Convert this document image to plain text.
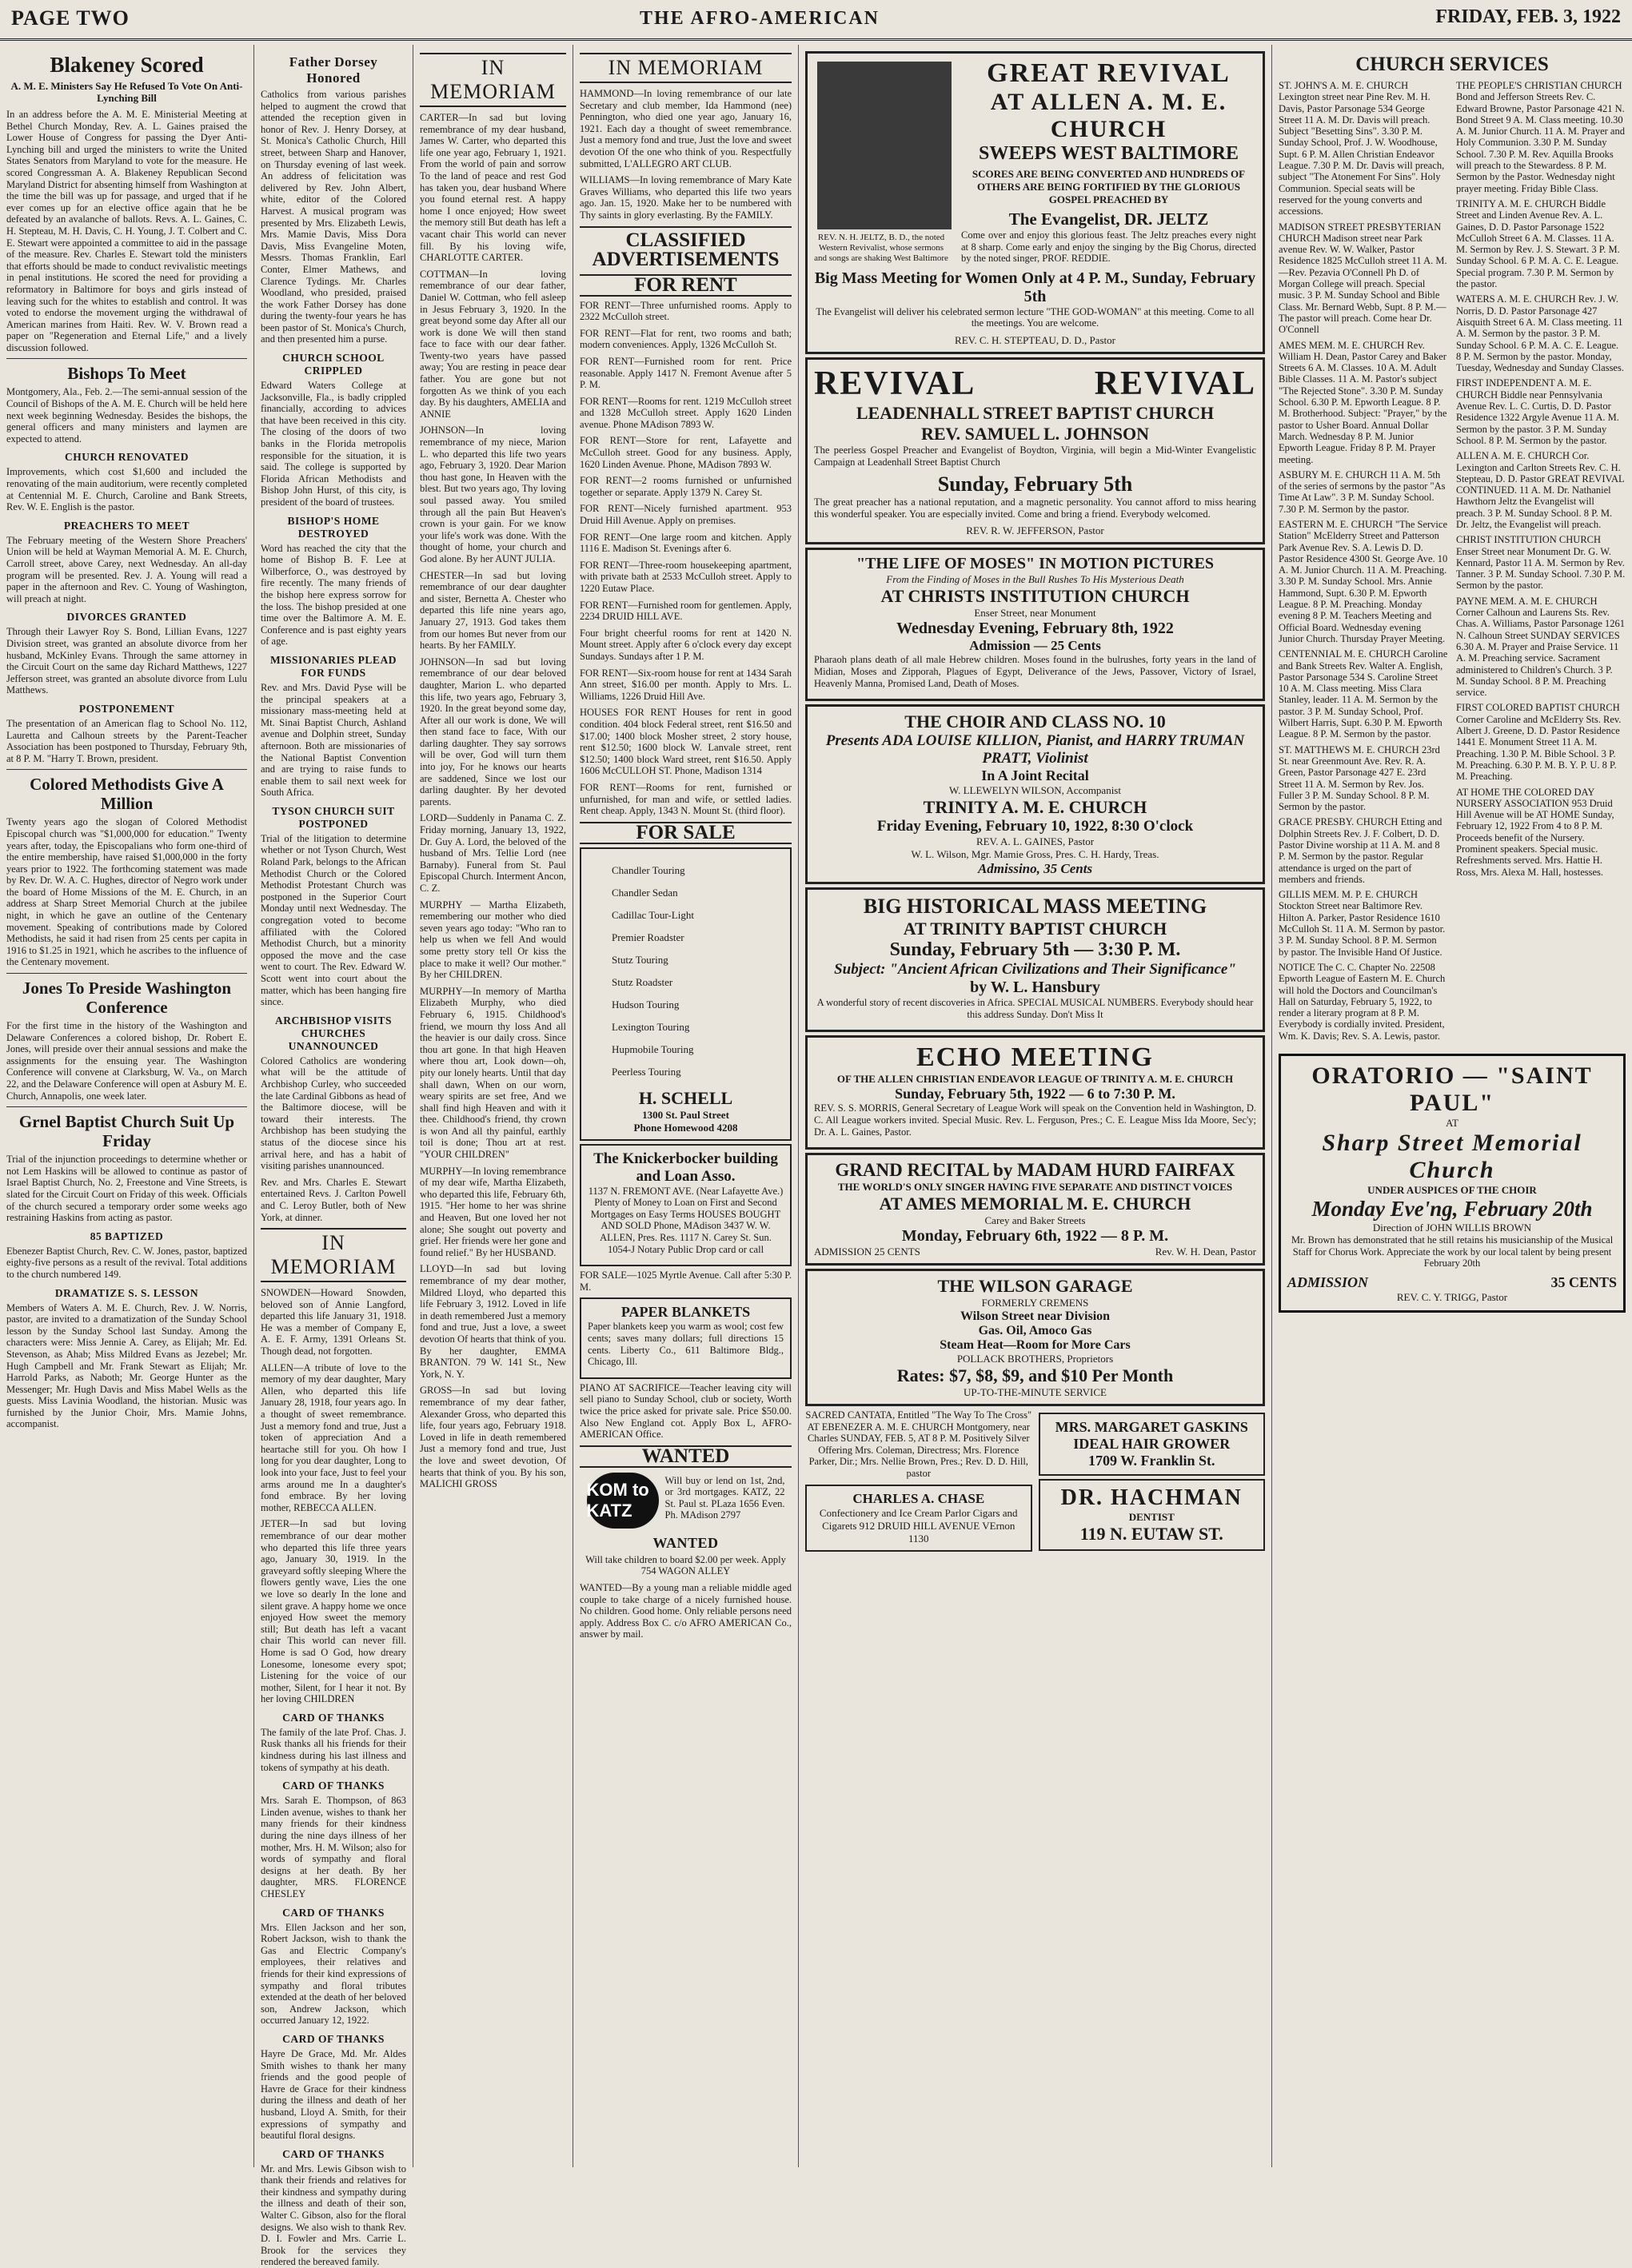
PAGE TWO	THE AFRO-AMERICAN	FRIDAY, FEB. 3, 1922
Blakeney Scored
A. M. E. Ministers Say He Refused To Vote On Anti-Lynching Bill

In an address before the A. M. E. Ministerial Meeting at Bethel Church Monday, Rev. A. L. Gaines praised the Lower House of Congress for passing the Dyer Anti-Lynching bill and urged the ministers to write the United States Senators from Maryland to vote for the measure. He scored Congressman A. A. Blakeney Republican Second Maryland District for absenting himself from Washington at the time the bill was up for passage, and urged that if he ever comes up for an elective office again that he be defeated by an avalanche of ballots. Revs. A. L. Gaines, C. H. Stepteau, M. H. Davis, C. H. Young, J. T. Colbert and C. E. Stewart were appointed a committee to aid in the passage of the measure. Rev. Charles E. Stewart told the ministers that efforts should be made to conduct revivalistic meetings in penal institutions. He scored the need for providing a reformatory in Baltimore for boys and girls instead of leaving such for the whites to establish and control. It was voted to endorse the movement urging the withdrawal of American marines from Haiti. Rev. W. V. Brown read a paper on "Regeneration and Eternal Life," and a lively discussion followed.

Bishops To Meet

Montgomery, Ala., Feb. 2.—The semi-annual session of the Council of Bishops of the A. M. E. Church will be held here next week beginning Wednesday. Besides the bishops, the general officers and many ministers and laymen are expected to attend.

CHURCH RENOVATED

Improvements, which cost $1,600 and included the renovating of the main auditorium, were recently completed at Centennial M. E. Church, Caroline and Bank Streets, Rev. W. E. English is the pastor.

PREACHERS TO MEET

The February meeting of the Western Shore Preachers' Union will be held at Wayman Memorial A. M. E. Church, Carroll street, above Carey, next Wednesday. An all-day program will be presented. Rev. J. A. Young will read a paper in the afternoon and Rev. C. Young of Washington, will preach at night.

DIVORCES GRANTED

Through their Lawyer Roy S. Bond, Lillian Evans, 1227 Division street, was granted an absolute divorce from her husband, McKinley Evans. Through the same attorney in the Circuit Court on the same day Richard Matthews, 1227 Jefferson street, was granted an absolute divorce from Lulu Matthews.

POSTPONEMENT

The presentation of an American flag to School No. 112, Lauretta and Calhoun streets by the Parent-Teacher Association has been postponed to Thursday, February 9th, at 8 P. M. "Harry T. Brown, president.

Colored Methodists Give A Million

Twenty years ago the slogan of Colored Methodist Episcopal church was "$1,000,000 for education." Twenty years after, today, the Episcopalians who form one-third of the entire membership, have raised $1,000,000 in the forty years prior to 1922. The forthcoming statement was made by Rev. Dr. W. A. C. Hughes, director of Negro work under the board of Home Missions of the M. E. Church, in an address at Sharp Street Memorial Church at the jubilee night, in which he gave an outline of the Centenary movement. Speaking of contributions made by Colored Methodists, he said it had risen from 25 cents per capita in 1916 to $1.25 in 1921, which he ascribes to the influence of the Centenary movement.

Jones To Preside Washington Conference

For the first time in the history of the Washington and Delaware Conferences a colored bishop, Dr. Robert E. Jones, will preside over their annual sessions and make the assignments for the ensuing year. The Washington Conference will convene at Clarksburg, W. Va., on March 22, and the Delaware Conference will open at Asbury M. E. Church, Annapolis, one week later.

Grnel Baptist Church Suit Up Friday

Trial of the injunction proceedings to determine whether or not Lem Haskins will be allowed to continue as pastor of Israel Baptist Church, No. 2, Freestone and Vine Streets, is slated for the Circuit Court on Friday of this week. Officials of the church secured a temporary order some weeks ago restraining Haskins from acting as pastor.

85 BAPTIZED

Ebenezer Baptist Church, Rev. C. W. Jones, pastor, baptized eighty-five persons as a result of the revival. Total additions to the church numbered 149.

DRAMATIZE S. S. LESSON

Members of Waters A. M. E. Church, Rev. J. W. Norris, pastor, are invited to a dramatization of the Sunday School lesson by the Sunday School last Sunday. Among the characters were: Miss Jennie A. Carey, as Elijah; Mr. Ed. Stevenson, as Ahab; Miss Mildred Evans as Jezebel; Mr. Hugh Campbell and Mr. Frank Stewart as Elijah; Mr. Harrold Parks, as Naboth; Mr. George Hunter as the Messenger; Mr. Hugh Davis and Miss Mabel Wells as the guests. Miss Lavinia Woodland, the historian. Music was furnished by the Junior Choir, Mrs. Mamie Johns, accompanist.

Father Dorsey Honored

Catholics from various parishes helped to augment the crowd that attended the reception given in honor of Rev. J. Henry Dorsey, at St. Monica's Catholic Church, Hill street, between Sharp and Hanover, on Thursday evening of last week. An address of felicitation was delivered by Rev. John Albert, white, editor of the Colored Harvest. A musical program was presented by Mrs. Elizabeth Lewis, Mrs. Mamie Davis, Miss Dora Davis, Miss Evangeline Moten, Messrs. Thomas Franklin, Earl Conter, Elmer Mathews, and Clarence Tydings. Mr. Charles Woodland, who presided, praised the work Father Dorsey has done during the twenty-four years he has been pastor of St. Monica's Church, and then presented him a purse.

CHURCH SCHOOL CRIPPLED

Edward Waters College at Jacksonville, Fla., is badly crippled financially, according to advices that have been received in this city. The closing of the doors of two banks in the Florida metropolis responsible for the situation, it is said. The college is supported by Florida African Methodists and Bishop John Hurst, of this city, is president of the board of trustees.

BISHOP'S HOME DESTROYED

Word has reached the city that the home of Bishop B. F. Lee at Wilberforce, O., was destroyed by fire recently. The many friends of the bishop here express sorrow for the loss. The bishop presided at one time over the Baltimore A. M. E. Conference and is past eighty years of age.

MISSIONARIES PLEAD FOR FUNDS

Rev. and Mrs. David Pyse will be the principal speakers at a missionary mass-meeting held at Mt. Sinai Baptist Church, Ashland avenue and Dolphin street, Sunday afternoon. Both are missionaries of the National Baptist Convention and are trying to raise funds to enable them to sail next week for South Africa.

TYSON CHURCH SUIT POSTPONED

Trial of the litigation to determine whether or not Tyson Church, West Roland Park, belongs to the African Methodist Church or the Colored Methodist Protestant Church was postponed in the Superior Court Monday until next Wednesday. The congregation voted to become affiliated with the Colored Methodist Church, but a minority opposed the move and the case went to court. The Rev. Edward W. Scott went into court about the matter, which has been hanging fire since.

ARCHBISHOP VISITS CHURCHES UNANNOUNCED

Colored Catholics are wondering what will be the attitude of Archbishop Curley, who succeeded the late Cardinal Gibbons as head of the Baltimore diocese, will be toward their interests. The Archbishop has been studying the status of the diocese since his arrival here, and has a habit of visiting parishes unannounced.

Rev. and Mrs. Charles E. Stewart entertained Revs. J. Carlton Powell and C. Leroy Butler, both of New York, at dinner.

IN MEMORIAM

SNOWDEN—Howard Snowden, beloved son of Annie Langford, departed this life January 31, 1918. He was a member of Company E, A. E. F. Army, 1391 Orleans St. Though dead, not forgotten.

ALLEN—A tribute of love to the memory of my dear daughter, Mary Allen, who departed this life January 28, 1918, four years ago. In a thought of sweet remembrance. Just a memory fond and true, Just a token of appreciation And a heartache still for you. Oh how I long for you dear daughter, Long to look into your face, Just to feel your arms around me In a daughter's fond embrace. By her loving mother, REBECCA ALLEN.

JETER—In sad but loving remembrance of our dear mother who departed this life three years ago, January 30, 1919. In the graveyard softly sleeping Where the flowers gently wave, Lies the one we love so dearly In the lone and silent grave. A happy home we once enjoyed How sweet the memory still; But death has left a vacant chair This world can never fill. Home is sad O God, how dreary Lonesome, lonesome every spot; Listening for the voice of our mother, Silent, for I hear it not. By her loving CHILDREN

CARD OF THANKS

The family of the late Prof. Chas. J. Rusk thanks all his friends for their kindness during his last illness and tokens of sympathy at his death.

CARD OF THANKS

Mrs. Sarah E. Thompson, of 863 Linden avenue, wishes to thank her many friends for their kindness during the nine days illness of her mother, Mrs. H. M. Wilson; also for words of sympathy and floral designs at her death. By her daughter, MRS. FLORENCE CHESLEY

CARD OF THANKS

Mrs. Ellen Jackson and her son, Robert Jackson, wish to thank the Gas and Electric Company's employees, their relatives and friends for their kind expressions of sympathy and floral tributes extended at the death of her beloved son, Andrew Jackson, which occurred January 12, 1922.

CARD OF THANKS

Hayre De Grace, Md. Mr. Aldes Smith wishes to thank her many friends and the good people of Havre de Grace for their kindness during the illness and death of her husband, Lloyd A. Smith, for their expressions of sympathy and beautiful floral designs.

CARD OF THANKS

Mr. and Mrs. Lewis Gibson wish to thank their friends and relatives for their kindness and sympathy during the illness and death of their son, Walter C. Gibson, also for the floral designs. We also wish to thank Rev. D. I. Fowler and Mrs. Carrie L. Brook for the services they rendered the bereaved family.

IN MEMORIAM

CARTER—In sad but loving remembrance of my dear husband, James W. Carter, who departed this life one year ago, February 1, 1921. From the world of pain and sorrow To the land of peace and rest God has taken you, dear husband Where you found eternal rest. A happy home I once enjoyed; How sweet the memory still But death has left a vacant chair This world can never fill. By his loving wife, CHARLOTTE CARTER.

COTTMAN—In loving remembrance of our dear father, Daniel W. Cottman, who fell asleep in Jesus February 3, 1920. In the great beyond some day After all our work is done We will then stand face to face with our dear father. Twenty-two years have passed away; You are resting in peace dear father. You are gone but not forgotten As we think of you each day. By his daughters, AMELIA and ANNIE

JOHNSON—In loving remembrance of my niece, Marion L. who departed this life two years ago, February 3, 1920. Dear Marion thou hast gone, In Heaven with the blest. But two years ago, Thy loving soul passed away. You smiled through all the pain But Heaven's crown is your gain. For we know your life's work was done. With the thought of home, your church and God alone. By her AUNT JULIA.

CHESTER—In sad but loving remembrance of our dear daughter and sister, Bernetta A. Chester who departed this life nine years ago, January 27, 1913. God takes them from our homes But never from our hearts. By her FAMILY.

JOHNSON—In sad but loving remembrance of our dear beloved daughter, Marion L. who departed this life, two years ago, February 3, 1920. In the great beyond some day, After all our work is done, We will then stand face to face, With our darling daughter. They say sorrows will be over, God will turn them into joy, For he knows our hearts are saddened, Since we lost our darling daughter. By her devoted parents.

LORD—Suddenly in Panama C. Z. Friday morning, January 13, 1922, Dr. Guy A. Lord, the beloved of the husband of Mrs. Tellie Lord (nee Barnaby). Funeral from St. Paul Episcopal Church. Interment Ancon, C. Z.

MURPHY — Martha Elizabeth, remembering our mother who died seven years ago today: "Who ran to help us when we fell And would some pretty story tell Or kiss the place to make it well? Our mother." By her CHILDREN.

MURPHY—In memory of Martha Elizabeth Murphy, who died February 6, 1915. Childhood's friend, we mourn thy loss And all the heavier is our daily cross. Since thou art gone. In that high Heaven where thou art, Look down—oh, pity our lonely hearts. Until that day shall dawn, When on our worn, weary spirits are set free, And we shall find high Heaven and with it thee. Childhood's friend, thy crown is won And all thy painful, earthly toil is done; Thou art at rest. "YOUR CHILDREN"

MURPHY—In loving remembrance of my dear wife, Martha Elizabeth, who departed this life, February 6th, 1915. "Her home to her was shrine and Heaven, But one loved her not alone; She sought out poverty and grief. Her friends were her gone and found relief." By her HUSBAND.

LLOYD—In sad but loving remembrance of my dear mother, Mildred Lloyd, who departed this life February 3, 1912. Loved in life in death remembered Just a memory fond and true, Just a love, a sweet devotion Of hearts that think of you. By her daughter, EMMA BRANTON. 79 W. 141 St., New York, N. Y.

GROSS—In sad but loving remembrance of my dear father, Alexander Gross, who departed this life, four years ago, February 1918. Loved in life in death remembered Just a memory fond and true, Just the love and sweet devotion, Of hearts that think of you. By his son, MALICHI GROSS

IN MEMORIAM

HAMMOND—In loving remembrance of our late Secretary and club member, Ida Hammond (nee) Pennington, who died one year ago, January 16, 1921. Each day a thought of sweet remembrance. Just a memory fond and true, Just the love and sweet devotion Of the one who think of you. Respectfully submitted, L'ALLEGRO ART CLUB.

WILLIAMS—In loving remembrance of Mary Kate Graves Williams, who departed this life two years ago. Jan. 15, 1920. Make her to be numbered with Thy saints in glory everlasting. By the FAMILY.

CLASSIFIED ADVERTISEMENTS
FOR RENT

FOR RENT—Three unfurnished rooms. Apply to 2322 McCulloh street.

FOR RENT—Flat for rent, two rooms and bath; modern conveniences. Apply, 1326 McCulloh St.

FOR RENT—Furnished room for rent. Price reasonable. Apply 1417 N. Fremont Avenue after 5 P. M.

FOR RENT—Rooms for rent. 1219 McCulloh street and 1328 McCulloh street. Apply 1620 Linden avenue. Phone MAdison 7893 W.

FOR RENT—Store for rent, Lafayette and McCulloh street. Good for any business. Apply, 1620 Linden Avenue. Phone, MAdison 7893 W.

FOR RENT—2 rooms furnished or unfurnished together or separate. Apply 1379 N. Carey St.

FOR RENT—Nicely furnished apartment. 953 Druid Hill Avenue. Apply on premises.

FOR RENT—One large room and kitchen. Apply 1116 E. Madison St. Evenings after 6.

FOR RENT—Three-room housekeeping apartment, with private bath at 2533 McCulloh street. Apply to 1220 Eutaw Place.

FOR RENT—Furnished room for gentlemen. Apply, 2234 DRUID HILL AVE.

Four bright cheerful rooms for rent at 1420 N. Mount street. Apply after 6 o'clock every day except Sundays. Sundays after 1 P. M.

FOR RENT—Six-room house for rent at 1434 Sarah Ann street, $16.00 per month. Apply to Mrs. L. Williams, 1226 Druid Hill Ave.

HOUSES FOR RENT Houses for rent in good condition. 404 block Federal street, rent $16.50 and $17.00; 1400 block Mosher street, 2 story house, rent $12.50; 1600 block W. Lanvale street, rent $12.50; 1400 block Ward street, rent $16.50. Apply 1606 McCULLOH ST. Phone, Madison 1314

FOR RENT—Rooms for rent, furnished or unfurnished, for man and wife, or settled ladies. Rent cheap. Apply, 1343 N. Mount St. (third floor).

FOR SALE

Chandler Touring

Chandler Sedan

Cadillac Tour-Light

Premier Roadster

Stutz Touring

Stutz Roadster

Hudson Touring

Lexington Touring

Hupmobile Touring

Peerless Touring

H. SCHELL
1300 St. Paul Street
Phone Homewood 4208
The Knickerbocker building and Loan Asso.
1137 N. FREMONT AVE. (Near Lafayette Ave.) Plenty of Money to Loan on First and Second Mortgages on Easy Terms HOUSES BOUGHT AND SOLD Phone, MAdison 3437 W. W. ALLEN, Pres. Res. 1117 N. Carey St. Sun. 1054-J Notary Public Drop card or call

FOR SALE—1025 Myrtle Avenue. Call after 5:30 P. M.

PAPER BLANKETS
Paper blankets keep you warm as wool; cost few cents; saves many dollars; full directions 15 cents. Liberty Co., 611 Baltimore Bldg., Chicago, Ill.

PIANO AT SACRIFICE—Teacher leaving city will sell piano to Sunday School, club or society, Worth twice the price asked for private sale. Price $50.00. Also New England cot. Apply Box L, AFRO-AMERICAN Office.

WANTED
KOM to KATZ
Will buy or lend on 1st, 2nd, or 3rd mortgages. KATZ, 22 St. Paul st. PLaza 1656 Even. Ph. MAdison 2797
WANTED

Will take children to board $2.00 per week. Apply 754 WAGON ALLEY

WANTED—By a young man a reliable middle aged couple to take charge of a nicely furnished house. No children. Good home. Only reliable persons need apply. Address Box C. c/o AFRO AMERICAN Co., answer by mail.

REV. N. H. JELTZ, B. D., the noted Western Revivalist, whose sermons and songs are shaking West Baltimore
GREAT REVIVAL
AT ALLEN A. M. E. CHURCH
SWEEPS WEST BALTIMORE
SCORES ARE BEING CONVERTED AND HUNDREDS OF OTHERS ARE BEING FORTIFIED BY THE GLORIOUS GOSPEL PREACHED BY
The Evangelist, DR. JELTZ
Come over and enjoy this glorious feast. The Jeltz preaches every night at 8 sharp. Come early and enjoy the singing by the Big Chorus, directed by the noted singer, PROF. REDDIE.
Big Mass Meeting for Women Only at 4 P. M., Sunday, February 5th
The Evangelist will deliver his celebrated sermon lecture "THE GOD-WOMAN" at this meeting. Come to all the meetings. You are welcome.
REV. C. H. STEPTEAU, D. D., Pastor
REVIVAL	REVIVAL
LEADENHALL STREET BAPTIST CHURCH
REV. SAMUEL L. JOHNSON
The peerless Gospel Preacher and Evangelist of Boydton, Virginia, will begin a Mid-Winter Evangelistic Campaign at Leadenhall Street Baptist Church
Sunday, February 5th
The great preacher has a national reputation, and a magnetic personality. You cannot afford to miss hearing this wonderful speaker. You are especially invited. Come and bring a friend. Everybody welcomed.
REV. R. W. JEFFERSON, Pastor
"THE LIFE OF MOSES" IN MOTION PICTURES
From the Finding of Moses in the Bull Rushes To His Mysterious Death
AT CHRISTS INSTITUTION CHURCH
Enser Street, near Monument
Wednesday Evening, February 8th, 1922
Admission — 25 Cents
Pharaoh plans death of all male Hebrew children. Moses found in the bulrushes, forty years in the land of Midian, Moses and Zipporah, Plagues of Egypt, Deliverance of the Jews, Passover, Victory of Israel, Heavenly Manna, Promised Land, Death of Moses.
THE CHOIR AND CLASS NO. 10
Presents ADA LOUISE KILLION, Pianist, and HARRY TRUMAN PRATT, Violinist
In A Joint Recital
W. LLEWELYN WILSON, Accompanist
TRINITY A. M. E. CHURCH
Friday Evening, February 10, 1922, 8:30 O'clock
REV. A. L. GAINES, Pastor
W. L. Wilson, Mgr. Mamie Gross, Pres. C. H. Hardy, Treas.
Admissino, 35 Cents
BIG HISTORICAL MASS MEETING
AT TRINITY BAPTIST CHURCH
Sunday, February 5th — 3:30 P. M.
Subject: "Ancient African Civilizations and Their Significance"
by W. L. Hansbury
A wonderful story of recent discoveries in Africa. SPECIAL MUSICAL NUMBERS. Everybody should hear this address Sunday. Don't Miss It
ECHO MEETING
OF THE ALLEN CHRISTIAN ENDEAVOR LEAGUE OF TRINITY A. M. E. CHURCH
Sunday, February 5th, 1922 — 6 to 7:30 P. M.
REV. S. S. MORRIS, General Secretary of League Work will speak on the Convention held in Washington, D. C. All League workers invited. Special Music. Rev. L. Ferguson, Pres.; C. E. League Miss Ida Moore, Sec'y; Dr. A. L. Gaines, Pastor.
GRAND RECITAL by MADAM HURD FAIRFAX
THE WORLD'S ONLY SINGER HAVING FIVE SEPARATE AND DISTINCT VOICES
AT AMES MEMORIAL M. E. CHURCH
Carey and Baker Streets
Monday, February 6th, 1922 — 8 P. M.
ADMISSION 25 CENTS	Rev. W. H. Dean, Pastor
THE WILSON GARAGE
FORMERLY CREMENS
Wilson Street near Division
Gas. Oil, Amoco Gas
Steam Heat—Room for More Cars
POLLACK BROTHERS, Proprietors
Rates: $7, $8, $9, and $10 Per Month
UP-TO-THE-MINUTE SERVICE
SACRED CANTATA, Entitled "The Way To The Cross" AT EBENEZER A. M. E. CHURCH Montgomery, near Charles SUNDAY, FEB. 5, AT 8 P. M. Positively Silver Offering Mrs. Coleman, Directress; Mrs. Florence Parker, Dir.; Mrs. Nellie Brown, Pres.; Rev. D. D. Hill, pastor
CHARLES A. CHASE
Confectionery and Ice Cream Parlor Cigars and Cigarets 912 DRUID HILL AVENUE VErnon 1130
MRS. MARGARET GASKINS
IDEAL HAIR GROWER
1709 W. Franklin St.
DR. HACHMAN
DENTIST
119 N. EUTAW ST.
CHURCH SERVICES

ST. JOHN'S A. M. E. CHURCH Lexington street near Pine Rev. M. H. Davis, Pastor Parsonage 534 George Street 11 A. M. Dr. Davis will preach. Subject "Besetting Sins". 3.30 P. M. Sunday School, Prof. J. W. Woodhouse, Supt. 6 P. M. Allen Christian Endeavor League. 7.30 P. M. Dr. Davis will preach, subject "The Atonement For Sins". Holy Communion. Special seats will be reserved for the young converts and accessions.

MADISON STREET PRESBYTERIAN CHURCH Madison street near Park avenue Rev. W. W. Walker, Pastor Residence 1825 McCulloh street 11 A. M.—Rev. Pezavia O'Connell Ph D. of Morgan College will preach. Special music. 3 P. M. Sunday School and Bible Class. Mr. Bernard Webb, Supt. 8 P. M.—The pastor will preach. Come hear Dr. O'Connell

AMES MEM. M. E. CHURCH Rev. William H. Dean, Pastor Carey and Baker Streets 6 A. M. Classes. 10 A. M. Adult Bible Classes. 11 A. M. Pastor's subject "The Rejected Stone". 3.30 P. M. Sunday School. 6.30 P. M. Epworth League. 8 P. M. Brotherhood. Subject: "Prayer," by the pastor to Usher Board. Annual Dollar March. Wednesday 8 P. M. Junior Epworth League. Friday 8 P. M. Prayer meeting.

ASBURY M. E. CHURCH 11 A. M. 5th of the series of sermons by the pastor "As Time At Law". 3 P. M. Sunday School. 7.30 P. M. Sermon by the pastor.

EASTERN M. E. CHURCH "The Service Station" McElderry Street and Patterson Park Avenue Rev. S. A. Lewis D. D. Pastor Residence 4300 St. George Ave. 10 A. M. Junior Church. 11 A. M. Preaching. 3.30 P. M. Sunday School. Mrs. Annie Hammond, Supt. 6.30 P. M. Epworth League. 8 P. M. Preaching. Monday evening 8 P. M. Teachers Meeting and Official Board. Wednesday evening Junior Church. Thursday Prayer Meeting.

CENTENNIAL M. E. CHURCH Caroline and Bank Streets Rev. Walter A. English, Pastor Parsonage 534 S. Caroline Street 10 A. M. Class meeting. Miss Clara Stanley, leader. 11 A. M. Sermon by the pastor. 3 P. M. Sunday School, Prof. Wilbert Harris, Supt. 6.30 P. M. Epworth League. 8 P. M. Sermon by the pastor.

ST. MATTHEWS M. E. CHURCH 23rd St. near Greenmount Ave. Rev. R. A. Green, Pastor Parsonage 427 E. 23rd Street 11 A. M. Sermon by Rev. Jos. Fuller 3 P. M. Sunday School. 8 P. M. Sermon by the pastor.

GRACE PRESBY. CHURCH Etting and Dolphin Streets Rev. J. F. Colbert, D. D. Pastor Divine worship at 11 A. M. and 8 P. M. Sermon by the pastor. Regular attendance is urged on the part of members and friends.

GILLIS MEM. M. P. E. CHURCH Stockton Street near Baltimore Rev. Hilton A. Parker, Pastor Residence 1610 McCulloh St. 11 A. M. Sermon by pastor. 3 P. M. Sunday School. 8 P. M. Sermon by pastor. The Invisible Hand Of Justice.

NOTICE The C. C. Chapter No. 22508 Epworth League of Eastern M. E. Church will hold the Doctors and Councilman's Hall on Saturday, February 5, 1922, to render a literary program at 8 P. M. Everybody is cordially invited. President, Wm. K. Davis; Rev. S. A. Lewis, pastor.

THE PEOPLE'S CHRISTIAN CHURCH Bond and Jefferson Streets Rev. C. Edward Browne, Pastor Parsonage 421 N. Bond Street 9 A. M. Class meeting. 10.30 A. M. Junior Church. 11 A. M. Prayer and Holy Communion. 3.30 P. M. Sunday School. 7.30 P. M. Rev. Aquilla Brooks will preach to the Stewardess. 8 P. M. Sermon by the Pastor. Wednesday night prayer meeting. Friday Bible Class.

TRINITY A. M. E. CHURCH Biddle Street and Linden Avenue Rev. A. L. Gaines, D. D. Pastor Parsonage 1522 McCulloh Street 6 A. M. Classes. 11 A. M. Sermon by Rev. J. S. Stewart. 3 P. M. Sunday School. 6 P. M. A. C. E. League. Special program. 7.30 P. M. Sermon by the pastor.

WATERS A. M. E. CHURCH Rev. J. W. Norris, D. D. Pastor Parsonage 427 Aisquith Street 6 A. M. Class meeting. 11 A. M. Sermon by the pastor. 3 P. M. Sunday School. 6 P. M. A. C. E. League. 8 P. M. Sermon by the pastor. Monday, Tuesday, Wednesday and Sunday Classes.

FIRST INDEPENDENT A. M. E. CHURCH Biddle near Pennsylvania Avenue Rev. L. C. Curtis, D. D. Pastor Residence 1322 Argyle Avenue 11 A. M. Sermon by the pastor. 3 P. M. Sunday School. 8 P. M. Sermon by the pastor.

ALLEN A. M. E. CHURCH Cor. Lexington and Carlton Streets Rev. C. H. Stepteau, D. D. Pastor GREAT REVIVAL CONTINUED. 11 A. M. Dr. Nathaniel Hawthorn Jeltz the Evangelist will preach. 3 P. M. Sunday School. 8 P. M. Dr. Jeltz, the Evangelist will preach.

CHRIST INSTITUTION CHURCH Enser Street near Monument Dr. G. W. Kennard, Pastor 11 A. M. Sermon by Rev. Tanner. 3 P. M. Sunday School. 7.30 P. M. Sermon by the pastor.

PAYNE MEM. A. M. E. CHURCH Corner Calhoun and Laurens Sts. Rev. Chas. A. Williams, Pastor Parsonage 1261 N. Calhoun Street SUNDAY SERVICES 6.30 A. M. Prayer and Praise Service. 11 A. M. Preaching service. Sacrament administered to Children's Church. 3 P. M. Sunday School. 8 P. M. Preaching service.

FIRST COLORED BAPTIST CHURCH Corner Caroline and McElderry Sts. Rev. Albert J. Greene, D. D. Pastor Residence 1441 E. Monument Street 11 A. M. Preaching. 1.30 P. M. Bible School. 3 P. M. Preaching. 6.30 P. M. B. Y. P. U. 8 P. M. Preaching.

AT HOME THE COLORED DAY NURSERY ASSOCIATION 953 Druid Hill Avenue will be AT HOME Sunday, February 12, 1922 From 4 to 8 P. M. Proceeds benefit of the Nursery. Prominent speakers. Special music. Refreshments served. Mrs. Hattie H. Ross, Mrs. Alexa M. Hall, hostesses.

ORATORIO — "SAINT PAUL"
AT
Sharp Street Memorial Church
UNDER AUSPICES OF THE CHOIR
Monday Eve'ng, February 20th
Direction of JOHN WILLIS BROWN
Mr. Brown has demonstrated that he still retains his musicianship of the Musical Staff for Chorus Work. Appreciate the work by our local talent by being present February 20th
ADMISSION	35 CENTS
REV. C. Y. TRIGG, Pastor
